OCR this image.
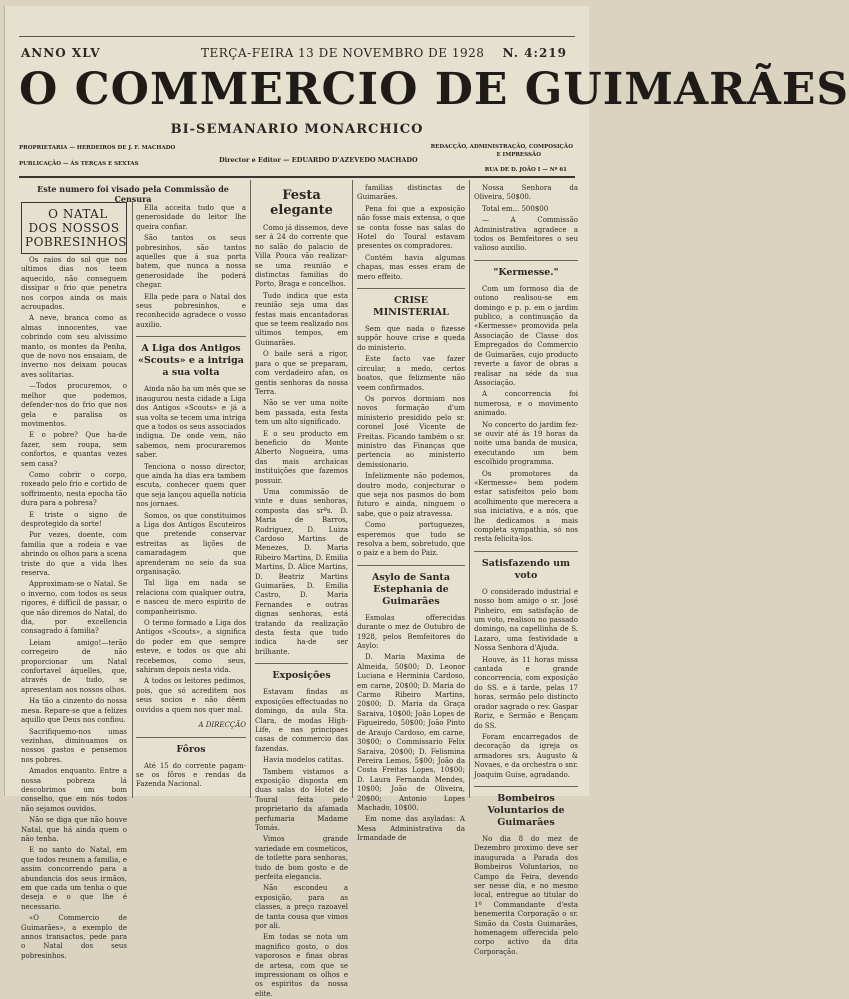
ANNO XLV	TERÇA-FEIRA 13 DE NOVEMBRO DE 1928 N. 4:219
O COMMERCIO DE GUIMARÃES
BI-SEMANARIO MONARCHICO
PROPRIETARIA — HERDEIROS DE J. F. MACHADO
PUBLICAÇÃO — ÁS TERÇAS E SEXTAS	Director e Editor — EDUARDO D'AZEVEDO MACHADO
REDACÇÃO, ADMINISTRAÇÃO, COMPOSIÇÃO
E IMPRESSÃO
RUA DE D. JOÃO I — Nº 61
Este numero foi visado pela Commissão de Censura

O NATAL DOS NOSSOS POBRESINHOS

Os raios do sol que nos ultimos dias nos teem aquecido, não conseguem dissipar o frio que penetra nos corpos ainda os mais acroupados.

A neve, branca como as almas innocentes, vae cobrindo com seu alvissimo manto, os montes da Penha, que de novo nos ensaiam, de inverno nos deixam poucas aves solitarias.

—Todos procuremos, o melhor que podemos, defender-nos do frio que nos gela e paralisa os movimentos.

E o pobre? Que ha-de fazer, sem roupa, sem confortos, e quantas vezes sem casa?

Como cobrir o corpo, roxeado pelo frio e cortido de soffrimento, nesta epocha tão dura para a pobresa?

E triste o signo de desprotegido da sorte!

Por vezes, doente, com familia que a rodeia e vae abrindo os olhos para a scena triste do que a vida lhes reserva.

Approximam-se o Natal. Se o inverno, com todos os seus rigores, é difficil de passar, o que não diremos do Natal, do dia, por excellencia consagrado á familia?

Leiam amigo!—terão corregeiro de não proporcionar um Natal confortavel áquelles, que, através de tudo, se apresentam aos nossos olhos.

Ha tão a cinzento do nossa mesa. Repare-se que a felizes aquillo que Deus nos confiou.

Sacrifiquemo-nos umas vezinhas, diminuamos os nossos gastos e pensemos nos pobres.

Amados enquanto. Entre a nossa pobreza lá descobrimos um bom conselho, que em nós todos não sejamos ouvidos.

Não se diga que não houve Natal, que há ainda quem o não tenha.

E no santo do Natal, em que todos reunem a familia, e assim concorrendo para a abundancia dos seus irmãos, em que cada um tenha o que deseja e o que lhe é necessario.

«O Commercio de Guimarães», a exemplo de annos transactos, pede para o Natal dos seus pobresinhos.

Ella acceita tudo que a generosidade do leitor lhe queira confiar.

São tantos os seus pobresinhos, são tantos aquelles que á sua porta batem, que nunca a nossa generosidade lhe poderá chegar.

Ella pede para o Natal dos seus pobresinhos, e reconhecido agradece o vosso auxilio.

A Liga dos Antigos «Scouts» e a intriga a sua volta

Ainda não ha um mês que se inaugurou nesta cidade a Liga dos Antigos «Scouts» e já a sua volta se tecem uma intriga que a todos os seus associados indigna. De onde vem, não sabemos, nem procuraremos saber.

Tenciona o nosso director, que ainda ha dias era tambem escuta, conhecer quem quer que seja lançou aquella noticia nos jornaes.

Somos, os que constituimos a Liga dos Antigos Escuteiros que pretende conservar estreitas as lições de camaradagem que aprenderam no seio da sua organisação.

Tal liga em nada se relaciona com qualquer outra, e nasceu de mero espirito de companheirismo.

O termo formado a Liga dos Antigos «Scouts», a significa do poder em que sempre esteve, e todos os que ahi recebemos, como seus, sahiram depois nesta vida.

A todos os leitores pedimos, pois, que só acreditem nos seus socios e não dêem ouvidos a quem nos quer mal.

A DIRECÇÃO

Fôros

Até 15 do corrente pagam-se os fôros e rendas da Fazenda Nacional.

Festa elegante

Como já dissemos, deve ser á 24 do corrente que no salão do palacio de Villa Pouca vão realizar-se uma reunião e distinctas familias do Porto, Braga e concelhos.

Tudo indica que esta reunião seja uma das festas mais encantadoras que se teem realizado nos ultimos tempos, em Guimarães.

O baile será a rigor, para o que se preparam, com verdadeiro afan, os gentis senhoras da nossa Terra.

Não se ver uma noite bem passada, esta festa tem um alto significado.

E o seu producto em beneficio do Monte Alberto Nogueira, uma das mais archaicas instituições que fazemos possuir.

Uma commissão de vinte e duas senhoras, composta das srªs. D. Maria de Barros, Rodriguez, D. Luiza Cardoso Martins de Menezes, D. Maria Ribeiro Martins, D. Emilia Martins, D. Alice Martins, D. Beatriz Martins Guimarães, D. Emilia Castro, D. Maria Fernandes e outras dignas senhoras, está tratando da realização desta festa que tudo indica ha-de ser brilhante.

Exposições

Estavam findas as exposições effectuadas no domingo, da aula Sta. Clara, de modas High-Life, e nas principaes casas de commercio das fazendas.

Havia modelos catitas.

Tambem vistamos a exposição disposta em duas salas do Hotel de Toural feita pelo proprietario da afamada perfumaria Madame Tomás.

Vimos grande variedade em cosmeticos, de toilette para senhoras, tudo de bom gosto e de perfeita elegancia.

Não escondeu a exposição, para as classes, a preço razoavel de tanta cousa que vimos por ali.

Em todas se nota um magnifico gosto, o dos vaporosos e finas obras de artesa, com que se impressionam os olhos e os espiritos da nossa elite.

familias distinctas de Guimarães.

Pena foi que a exposição não fosse mais extensa, o que se conta fosse nas salas do Hotel do Toural estavam presentes os compradores.

Contém havia algumas chapas, mas esses eram de mero effeito.

CRISE MINISTERIAL

Sem que nada o fizesse suppôr houve crise e queda do ministerio.

Este facto vae fazer circular, a medo, certos boatos, que felizmente não veem confirmados.

Os porvos dormiam nos novos formação d'um ministerio presidido pelo sr. coronel José Vicente de Freitas. Ficando também o sr. ministro das Finanças que pertencia ao ministerio demissionario.

Infelizmente não podemos, doutro modo, conjecturar o que seja nos pasmos do bom futuro e ainda, ninguem o sabe, que o paiz atravessa.

Como portuguezes, esperemos que tudo se resolva a bem, sobretudo, que o paiz e a bem do Paiz.

Asylo de Santa Estephania de Guimarães

Esmolas offerecidas durante o mez de Outubro de 1928, pelos Bemfeitores do Asylo:

D. Maria Maxima de Almeida, 50$00; D. Leonor Luciana e Herminia Cardoso, em carne, 20$00; D. Maria do Carmo Ribeiro Martins, 20$00; D. Maria da Graça Saraiva, 10$00; João Lopes de Figueiredo, 50$00; João Pinto de Araujo Cardoso, em carne, 30$00; o Commissario Felix Saraiva, 20$00; D. Felismina Pereira Lemos, 5$00; João da Costa Freitas Lopes, 10$00; D. Laura Fernanda Mendes, 10$00; João de Oliveira, 20$00; Antonio Lopes Machado, 10$00.

Em nome das asyladas: A Mesa Administrativa da Irmandade de

Nossa Senhora da Oliveira, 50$00.

Total em... 500$00

— A Commissão Administrativa agradece a todos os Bemfeitores o seu valioso auxilio.

"Kermesse."

Com um formoso dia de outono realisou-se em domingo e p. p. em o jardim publico, a continuação da «Kermesse» promovida pela Associação de Classe dos Empregados do Commercio de Guimarães, cujo producto reverte a favor de obras a realisar na séde da sua Associação.

A concorrencia foi numerosa, e o movimento animado.

No concerto do jardim fez-se ouvir até ás 19 horas da noite uma banda de musica, executando um bem escolhido programma.

Os promotores da «Kermesse» bem podem estar satisfeitos pelo bom acolhimento que merecera a sua iniciativa, e a nós, que lhe dedicamos a mais completa sympathia, só nos resta felicita-los.

Satisfazendo um voto

O considerado industrial e nosso bom amigo o sr. José Pinheiro, em satisfação de um voto, realisou no passado domingo, na capellinha de S. Lazaro, uma festividade a Nossa Senhora d'Ajuda.

Houve, ás 11 horas missa cantada e grande concorrencia, com exposição do SS. e á tarde, pelas 17 horas, sermão pelo distincto orador sagrado o rev. Gaspar Roriz, e Sermão e Bençam do SS.

Foram encarregados de decoração da igreja os armadores srs. Augusto & Novaes, e da orchestra o snr. Joaquim Guise, agradando.

Bombeiros Voluntarios de Guimarães

No dia 8 do mez de Dezembro proximo deve ser inaugurada a Parada dos Bombeiros Voluntarios, no Campo da Feira, devendo ser nesse dia, e no mesmo local, entregue ao titular do 1º Commandante d'esta benemerita Corporação o sr. Simão da Costa Guimarães, homenagem offerecida pelo corpo activo da dita Corporação.
